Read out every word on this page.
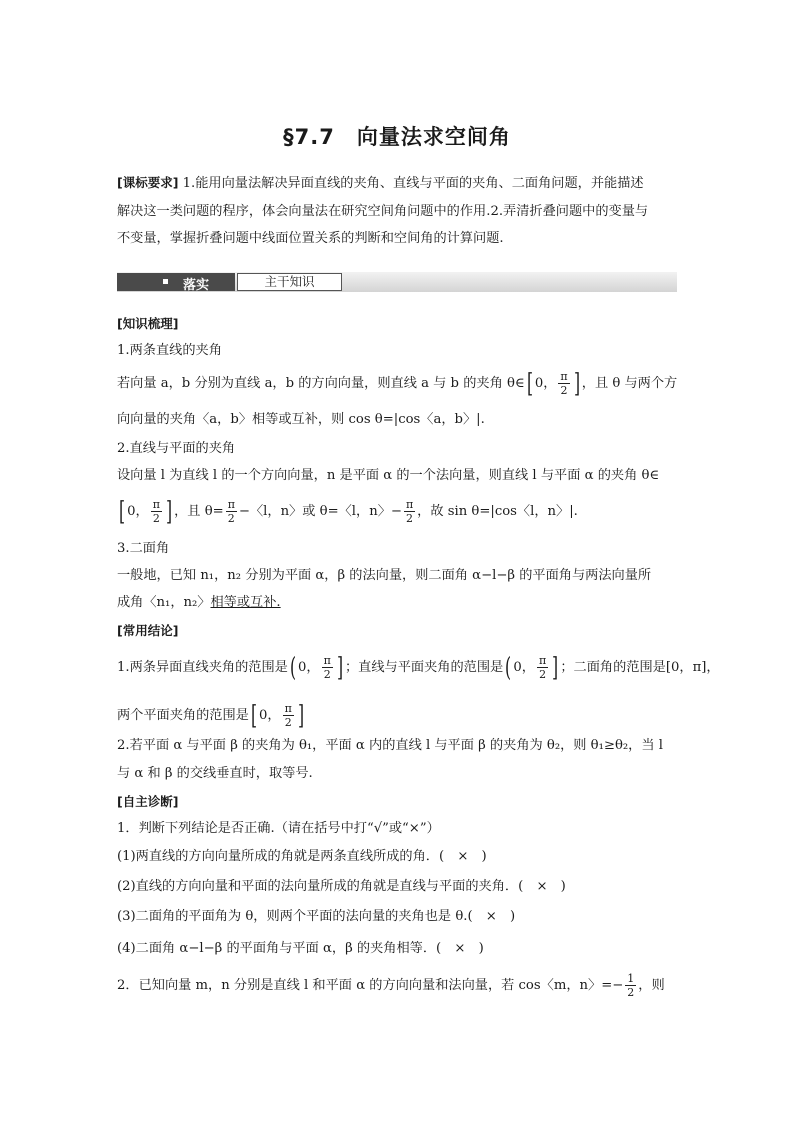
§7.7　向量法求空间角
[课标要求] 1.能用向量法解决异面直线的夹角、直线与平面的夹角、二面角问题，并能描述
解决这一类问题的程序，体会向量法在研究空间角问题中的作用.2.弄清折叠问题中的变量与
不变量，掌握折叠问题中线面位置关系的判断和空间角的计算问题.
落实	主干知识
[知识梳理]
1.两条直线的夹角
若向量 a，b 分别为直线 a，b 的方向向量，则直线 a 与 b 的夹角 θ∈[ 0， $\frac{\pi}{2}$ ] ，且 θ 与两个方
向向量的夹角〈a，b〉相等或互补，则 cos θ=|cos〈a，b〉|.
2.直线与平面的夹角
设向量 l 为直线 l 的一个方向向量，n 是平面 α 的一个法向量，则直线 l 与平面 α 的夹角 θ∈
[ 0， $\frac{\pi}{2}$ ] ，且 $\theta= \frac{\pi}{2}$ −〈l，n〉或 θ=〈l，n〉− $\frac{\pi}{2}$ ，故 sin θ=|cos〈l，n〉|.
3.二面角
一般地，已知 n₁，n₂ 分别为平面 α，β 的法向量，则二面角 α−l−β 的平面角与两法向量所
成角〈n₁，n₂〉相等或互补.
[常用结论]
1.两条异面直线夹角的范围是( 0， $\frac{\pi}{2}$ ] ；直线与平面夹角的范围是( 0， $\frac{\pi}{2}$ ] ；二面角的范围是[0，π]，
两个平面夹角的范围是[ 0， $\frac{\pi}{2}$ ]
2.若平面 α 与平面 β 的夹角为 θ₁，平面 α 内的直线 l 与平面 β 的夹角为 θ₂，则 θ₁≥θ₂，当 l
与 α 和 β 的交线垂直时，取等号.
[自主诊断]
1．判断下列结论是否正确.（请在括号中打“√”或“×”）
(1)两直线的方向向量所成的角就是两条直线所成的角．(　×　)
(2)直线的方向向量和平面的法向量所成的角就是直线与平面的夹角．(　×　)
(3)二面角的平面角为 θ，则两个平面的法向量的夹角也是 θ.(　×　)
(4)二面角 α−l−β 的平面角与平面 α，β 的夹角相等．(　×　)
2．已知向量 m，n 分别是直线 l 和平面 α 的方向向量和法向量，若 cos〈m，n〉=− $\frac{1}{2}$ ，则
